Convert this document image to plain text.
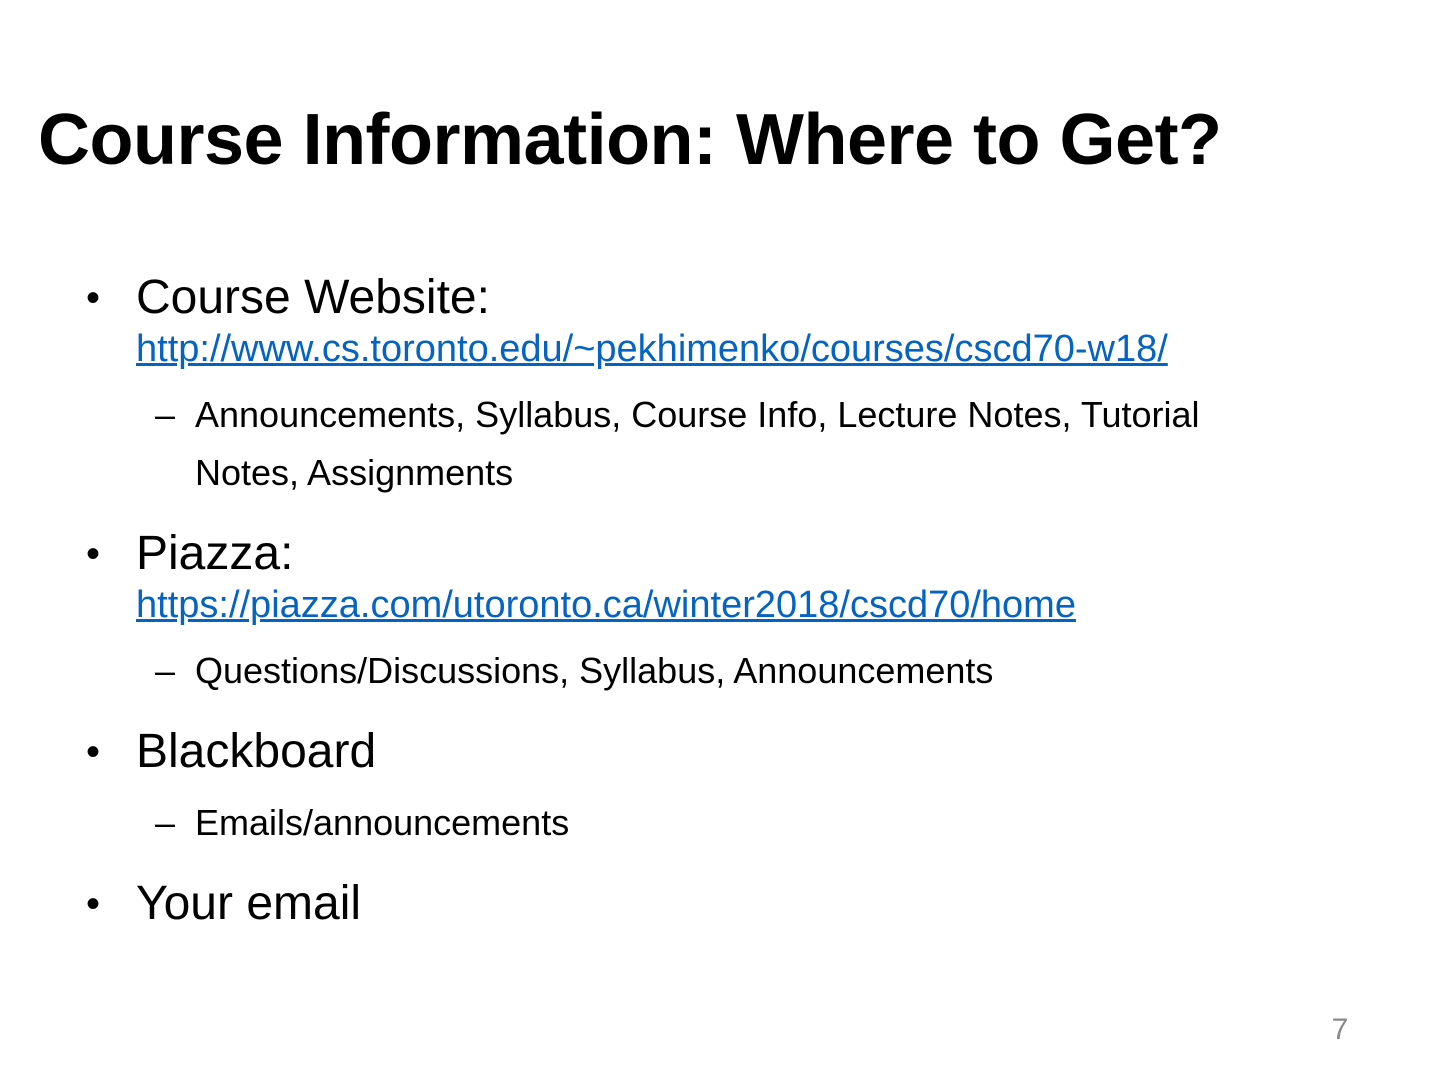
Course Information: Where to Get?
• Course Website:
http://www.cs.toronto.edu/~pekhimenko/courses/cscd70-w18/
– Announcements, Syllabus, Course Info, Lecture Notes, Tutorial Notes, Assignments
• Piazza:
https://piazza.com/utoronto.ca/winter2018/cscd70/home
– Questions/Discussions, Syllabus, Announcements
• Blackboard
– Emails/announcements
• Your email
7
